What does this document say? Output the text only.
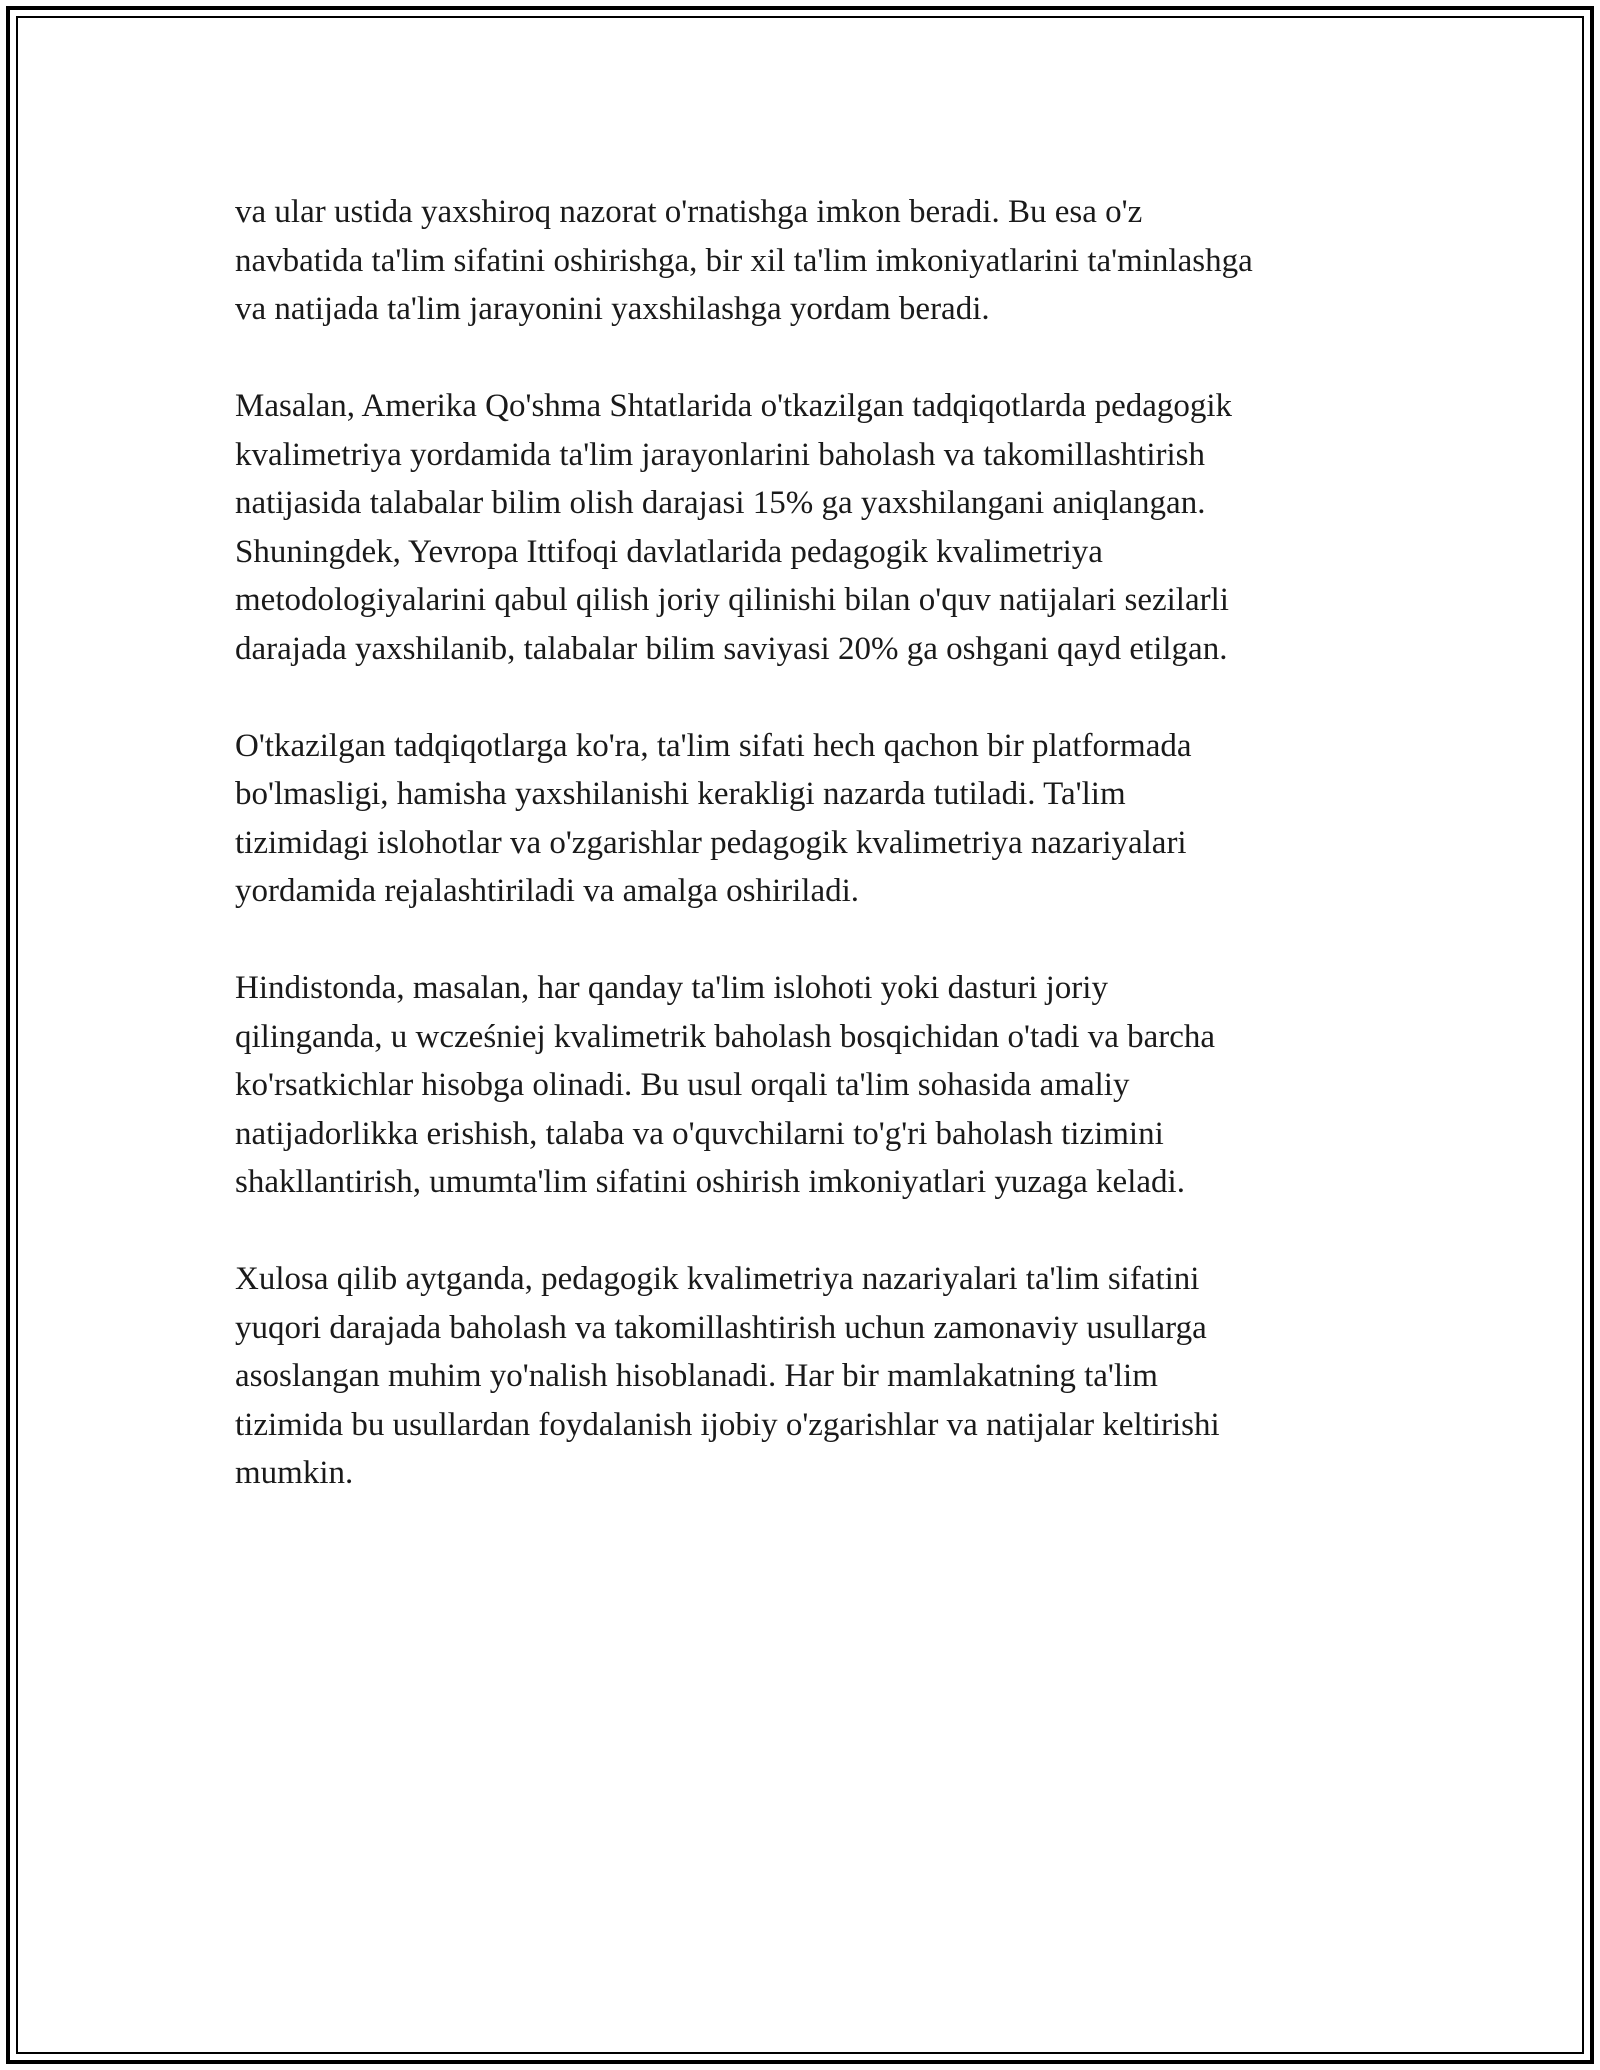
va ular ustida yaxshiroq nazorat o'rnatishga imkon beradi. Bu esa o'z
navbatida ta'lim sifatini oshirishga, bir xil ta'lim imkoniyatlarini ta'minlashga
va natijada ta'lim jarayonini yaxshilashga yordam beradi.

Masalan, Amerika Qo'shma Shtatlarida o'tkazilgan tadqiqotlarda pedagogik
kvalimetriya yordamida ta'lim jarayonlarini baholash va takomillashtirish
natijasida talabalar bilim olish darajasi 15% ga yaxshilangani aniqlangan.
Shuningdek, Yevropa Ittifoqi davlatlarida pedagogik kvalimetriya
metodologiyalarini qabul qilish joriy qilinishi bilan o'quv natijalari sezilarli
darajada yaxshilanib, talabalar bilim saviyasi 20% ga oshgani qayd etilgan.

O'tkazilgan tadqiqotlarga ko'ra, ta'lim sifati hech qachon bir platformada
bo'lmasligi, hamisha yaxshilanishi kerakligi nazarda tutiladi. Ta'lim
tizimidagi islohotlar va o'zgarishlar pedagogik kvalimetriya nazariyalari
yordamida rejalashtiriladi va amalga oshiriladi.

Hindistonda, masalan, har qanday ta'lim islohoti yoki dasturi joriy
qilinganda, u wcześniej kvalimetrik baholash bosqichidan o'tadi va barcha
ko'rsatkichlar hisobga olinadi. Bu usul orqali ta'lim sohasida amaliy
natijadorlikka erishish, talaba va o'quvchilarni to'g'ri baholash tizimini
shakllantirish, umumta'lim sifatini oshirish imkoniyatlari yuzaga keladi.

Xulosa qilib aytganda, pedagogik kvalimetriya nazariyalari ta'lim sifatini
yuqori darajada baholash va takomillashtirish uchun zamonaviy usullarga
asoslangan muhim yo'nalish hisoblanadi. Har bir mamlakatning ta'lim
tizimida bu usullardan foydalanish ijobiy o'zgarishlar va natijalar keltirishi
mumkin.
